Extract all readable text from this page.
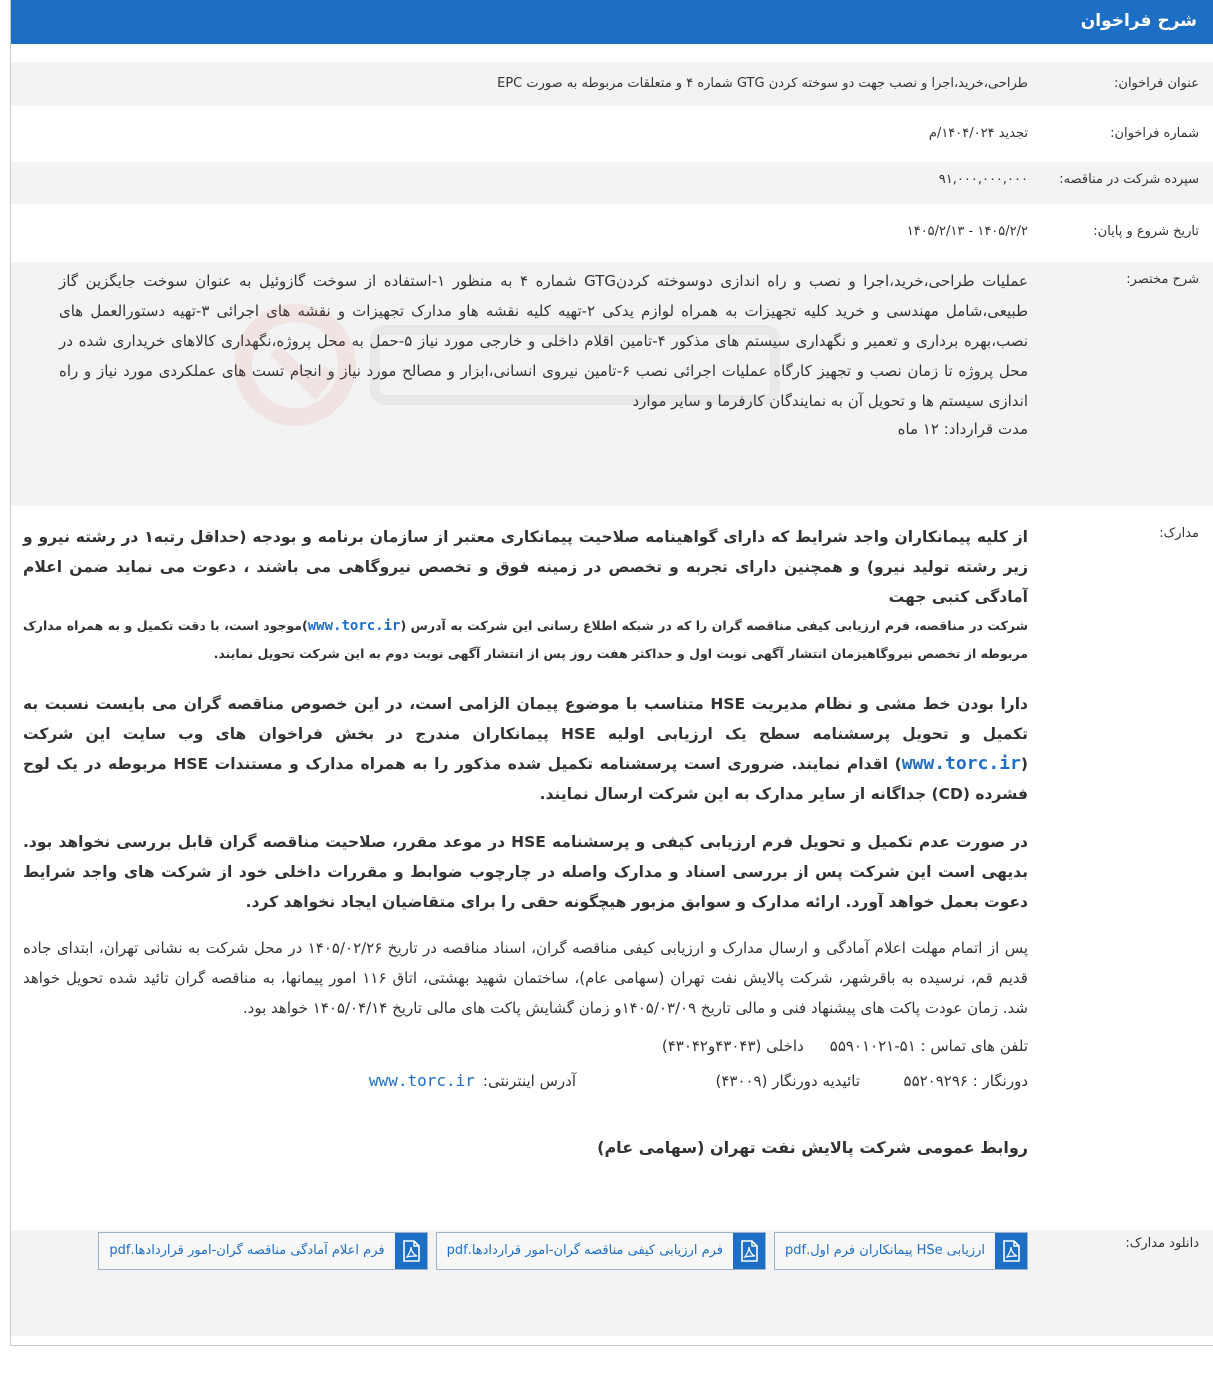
شرح فراخوان
عنوان فراخوان:
طراحی،خرید،اجرا و نصب جهت دو سوخته کردن GTG شماره ۴ و متعلقات مربوطه به صورت EPC
شماره فراخوان:
تجدید ۱۴۰۴/۰۲۴/م
سپرده شرکت در مناقصه:
۹۱,۰۰۰,۰۰۰,۰۰۰
تاریخ شروع و پایان:
۱۴۰۵/۲/۲ - ۱۴۰۵/۲/۱۳
شرح مختصر:
عملیات طراحی،خرید،اجرا و نصب و راه اندازی دوسوخته کردنGTG شماره ۴ به منظور ۱-استفاده از سوخت گازوئیل به عنوان سوخت جایگزین گاز طبیعی،شامل مهندسی و خرید کلیه تجهیزات به همراه لوازم یدکی ۲-تهیه کلیه نقشه هاو مدارک تجهیزات و نقشه های اجرائی ۳-تهیه دستورالعمل های نصب،بهره برداری و تعمیر و نگهداری سیستم های مذکور ۴-تامین اقلام داخلی و خارجی مورد نیاز ۵-حمل به محل پروژه،نگهداری کالاهای خریداری شده در محل پروژه تا زمان نصب و تجهیز کارگاه عملیات اجرائی نصب ۶-تامین نیروی انسانی،ابزار و مصالح مورد نیاز و انجام تست های عملکردی مورد نیاز و راه اندازی سیستم ها و تحویل آن به نمایندگان کارفرما و سایر موارد
مدت قرارداد: ۱۲ ماه
مدارک:

از کلیه پیمانکاران واجد شرایط که دارای گواهینامه صلاحیت پیمانکاری معتبر از سازمان برنامه و بودجه (حداقل رتبه۱ در رشته نیرو و زیر رشته تولید نیرو) و همچنین دارای تجربه و تخصص در زمینه فوق و تخصص نیروگاهی می باشند ، دعوت می نماید ضمن اعلام آمادگی کتبی جهت

شرکت در مناقصه، فرم ارزیابی کیفی مناقصه گران را که در شبکه اطلاع رسانی این شرکت به آدرس (www.torc.ir)موجود است، با دقت تکمیل و به همراه مدارک مربوطه از تخصص نیروگاهیزمان انتشار آگهی نوبت اول و حداکثر هفت روز پس از انتشار آگهی نوبت دوم به این شرکت تحویل نمایند.

دارا بودن خط مشی و نظام مدیریت HSE متناسب با موضوع پیمان الزامی است، در این خصوص مناقصه گران می بایست نسبت به تکمیل و تحویل پرسشنامه سطح یک ارزیابی اولیه HSE پیمانکاران مندرج در بخش فراخوان های وب سایت این شرکت (www.torc.ir) اقدام نمایند. ضروری است پرسشنامه تکمیل شده مذکور را به همراه مدارک و مستندات HSE مربوطه در یک لوح فشرده (CD) جداگانه از سایر مدارک به این شرکت ارسال نمایند.

در صورت عدم تکمیل و تحویل فرم ارزیابی کیفی و پرسشنامه HSE در موعد مقرر، صلاحیت مناقصه گران قابل بررسی نخواهد بود. بدیهی است این شرکت پس از بررسی اسناد و مدارک واصله در چارچوب ضوابط و مقررات داخلی خود از شرکت های واجد شرایط دعوت بعمل خواهد آورد. ارائه مدارک و سوابق مزبور هیچگونه حقی را برای متقاضیان ایجاد نخواهد کرد.

پس از اتمام مهلت اعلام آمادگی و ارسال مدارک و ارزیابی کیفی مناقصه گران، اسناد مناقصه در تاریخ ۱۴۰۵/۰۲/۲۶ در محل شرکت به نشانی تهران، ابتدای جاده قدیم قم، نرسیده به باقرشهر، شرکت پالایش نفت تهران (سهامی عام)، ساختمان شهید بهشتی، اتاق ۱۱۶ امور پیمانها، به مناقصه گران تائید شده تحویل خواهد شد. زمان عودت پاکت های پیشنهاد فنی و مالی تاریخ ۱۴۰۵/۰۳/۰۹و زمان گشایش پاکت های مالی تاریخ ۱۴۰۵/۰۴/۱۴ خواهد بود.

تلفن های تماس : ۵۱-۵۵۹۰۱۰۲۱داخلی (۴۳۰۴۳و۴۳۰۴۲)
دورنگار : ۵۵۲۰۹۲۹۶
تائیدیه دورنگار (۴۳۰۰۹)
آدرس اینترنتی:
www.torc.ir
روابط عمومی شرکت پالایش نفت تهران (سهامی عام)
دانلود مدارک:
ارزیابی HSe پیمانکاران فرم اول.pdf
فرم ارزیابی کیفی مناقصه گران-امور قراردادها.pdf
فرم اعلام آمادگی مناقصه گران-امور قراردادها.pdf
